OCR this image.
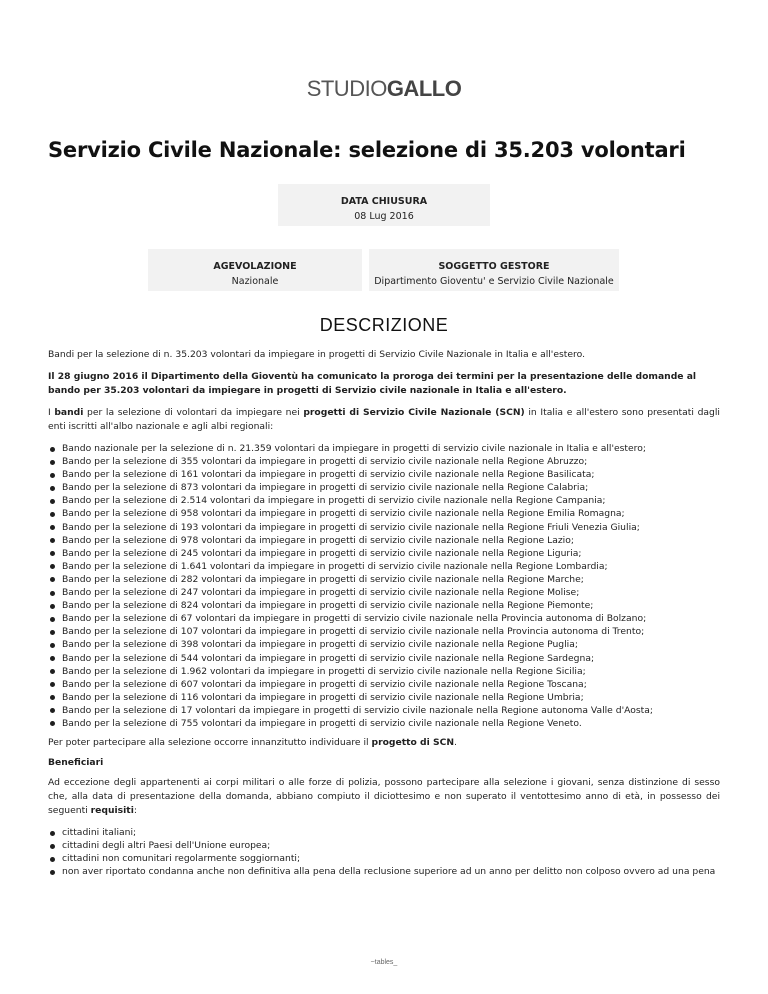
STUDIOGALLO
Servizio Civile Nazionale: selezione di 35.203 volontari
DATA CHIUSURA
08 Lug 2016
AGEVOLAZIONE
Nazionale
SOGGETTO GESTORE
Dipartimento Gioventu' e Servizio Civile Nazionale
DESCRIZIONE

Bandi per la selezione di n. 35.203 volontari da impiegare in progetti di Servizio Civile Nazionale in Italia e all'estero.

Il 28 giugno 2016 il Dipartimento della Gioventù ha comunicato la proroga dei termini per la presentazione delle domande al bando per 35.203 volontari da impiegare in progetti di Servizio civile nazionale in Italia e all'estero.

I bandi per la selezione di volontari da impiegare nei progetti di Servizio Civile Nazionale (SCN) in Italia e all'estero sono presentati dagli enti iscritti all'albo nazionale e agli albi regionali:

Bando nazionale per la selezione di n. 21.359 volontari da impiegare in progetti di servizio civile nazionale in Italia e all'estero;
Bando per la selezione di 355 volontari da impiegare in progetti di servizio civile nazionale nella Regione Abruzzo;
Bando per la selezione di 161 volontari da impiegare in progetti di servizio civile nazionale nella Regione Basilicata;
Bando per la selezione di 873 volontari da impiegare in progetti di servizio civile nazionale nella Regione Calabria;
Bando per la selezione di 2.514 volontari da impiegare in progetti di servizio civile nazionale nella Regione Campania;
Bando per la selezione di 958 volontari da impiegare in progetti di servizio civile nazionale nella Regione Emilia Romagna;
Bando per la selezione di 193 volontari da impiegare in progetti di servizio civile nazionale nella Regione Friuli Venezia Giulia;
Bando per la selezione di 978 volontari da impiegare in progetti di servizio civile nazionale nella Regione Lazio;
Bando per la selezione di 245 volontari da impiegare in progetti di servizio civile nazionale nella Regione Liguria;
Bando per la selezione di 1.641 volontari da impiegare in progetti di servizio civile nazionale nella Regione Lombardia;
Bando per la selezione di 282 volontari da impiegare in progetti di servizio civile nazionale nella Regione Marche;
Bando per la selezione di 247 volontari da impiegare in progetti di servizio civile nazionale nella Regione Molise;
Bando per la selezione di 824 volontari da impiegare in progetti di servizio civile nazionale nella Regione Piemonte;
Bando per la selezione di 67 volontari da impiegare in progetti di servizio civile nazionale nella Provincia autonoma di Bolzano;
Bando per la selezione di 107 volontari da impiegare in progetti di servizio civile nazionale nella Provincia autonoma di Trento;
Bando per la selezione di 398 volontari da impiegare in progetti di servizio civile nazionale nella Regione Puglia;
Bando per la selezione di 544 volontari da impiegare in progetti di servizio civile nazionale nella Regione Sardegna;
Bando per la selezione di 1.962 volontari da impiegare in progetti di servizio civile nazionale nella Regione Sicilia;
Bando per la selezione di 607 volontari da impiegare in progetti di servizio civile nazionale nella Regione Toscana;
Bando per la selezione di 116 volontari da impiegare in progetti di servizio civile nazionale nella Regione Umbria;
Bando per la selezione di 17 volontari da impiegare in progetti di servizio civile nazionale nella Regione autonoma Valle d'Aosta;
Bando per la selezione di 755 volontari da impiegare in progetti di servizio civile nazionale nella Regione Veneto.

Per poter partecipare alla selezione occorre innanzitutto individuare il progetto di SCN.

Beneficiari

Ad eccezione degli appartenenti ai corpi militari o alle forze di polizia, possono partecipare alla selezione i giovani, senza distinzione di sesso che, alla data di presentazione della domanda, abbiano compiuto il diciottesimo e non superato il ventottesimo anno di età, in possesso dei seguenti requisiti:

cittadini italiani;
cittadini degli altri Paesi dell'Unione europea;
cittadini non comunitari regolarmente soggiornanti;
non aver riportato condanna anche non definitiva alla pena della reclusione superiore ad un anno per delitto non colposo ovvero ad una pena
~tables_
